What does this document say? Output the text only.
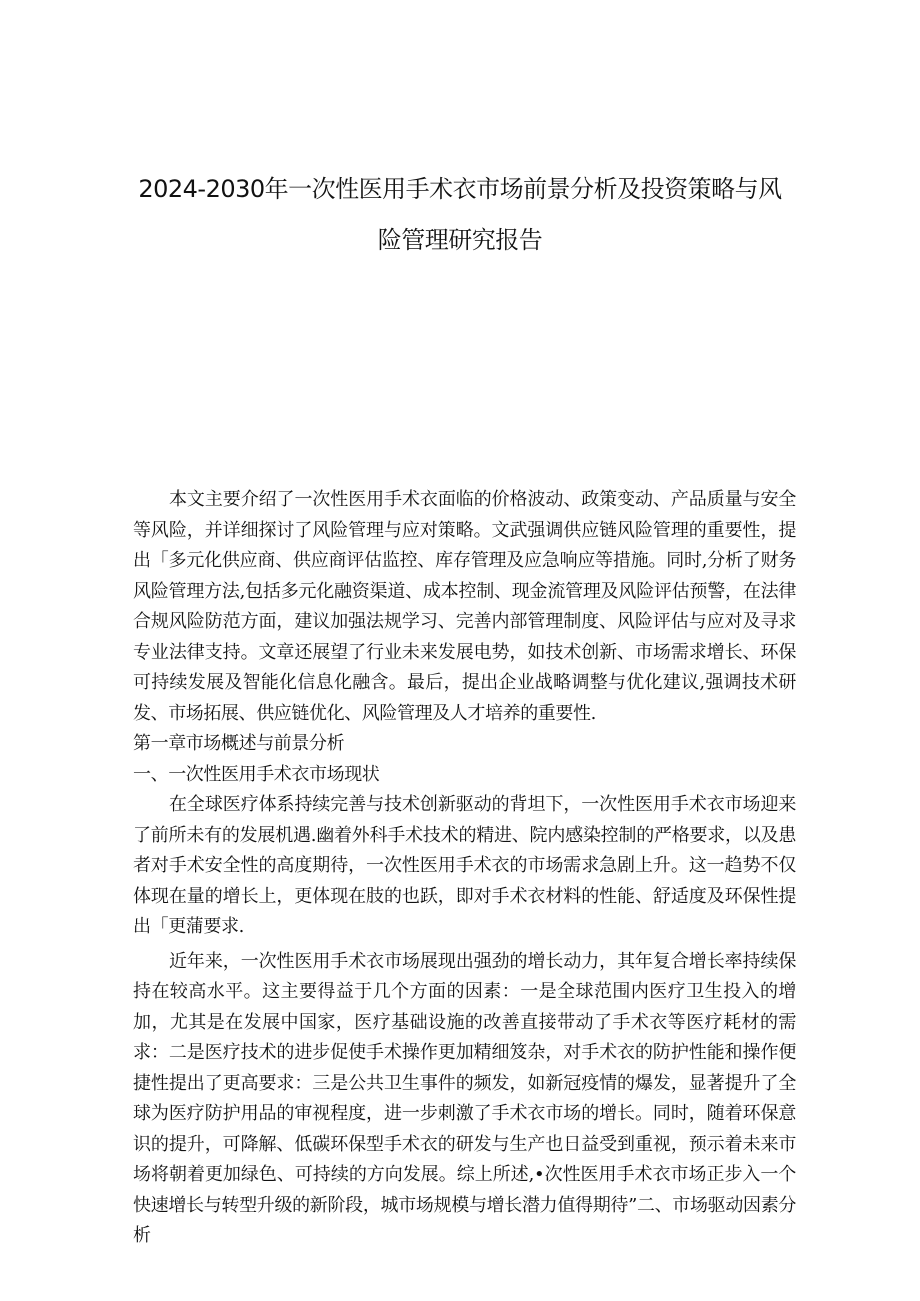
2024-2030年一次性医用手术衣市场前景分析及投资策略与风
险管理研究报告

本文主要介绍了一次性医用手术衣面临的价格波动、政策变动、产品质量与安全等风险，并详细探讨了风险管理与应对策略。文武强调供应链风险管理的重要性，提出「多元化供应商、供应商评估监控、库存管理及应急响应等措施。同时,分析了财务风险管理方法,包括多元化融资渠道、成本控制、现金流管理及风险评估预警，在法律合规风险防范方面，建议加强法规学习、完善内部管理制度、风险评估与应对及寻求专业法律支持。文章还展望了行业未来发展电势，如技术创新、市场需求增长、环保可持续发展及智能化信息化融含。最后，提出企业战略调整与优化建议,强调技术研发、市场拓展、供应链优化、风险管理及人才培养的重要性.

第一章市场概述与前景分析

一、一次性医用手术衣市场现状

在全球医疗体系持续完善与技术创新驱动的背坦下，一次性医用手术衣市场迎来了前所未有的发展机遇.幽着外科手术技术的精进、院内感染控制的严格要求，以及患者对手术安全性的高度期待，一次性医用手术衣的市场需求急剧上升。这一趋势不仅体现在量的增长上，更体现在肢的也跃，即对手术衣材料的性能、舒适度及环保性提出「更蒲要求.

近年来，一次性医用手术衣市场展现出强劲的增长动力，其年复合增长率持续保持在较高水平。这主要得益于几个方面的因素：一是全球范围内医疗卫生投入的增加，尤其是在发展中国家，医疗基础设施的改善直接带动了手术衣等医疗耗材的需求：二是医疗技术的进步促使手术操作更加精细笈杂，对手术衣的防护性能和操作便捷性提出了更高要求：三是公共卫生事件的频发，如新冠疫情的爆发，显著提升了全球为医疗防护用品的审视程度，进一步刺激了手术衣市场的增长。同时，随着环保意识的提升，可降解、低碳环保型手术衣的研发与生产也日益受到重视，预示着未来市场将朝着更加绿色、可持续的方向发展。综上所述,•次性医用手术衣市场正步入一个快速增长与转型升级的新阶段，城市场规模与增长潜力值得期待”二、市场驱动因素分析
